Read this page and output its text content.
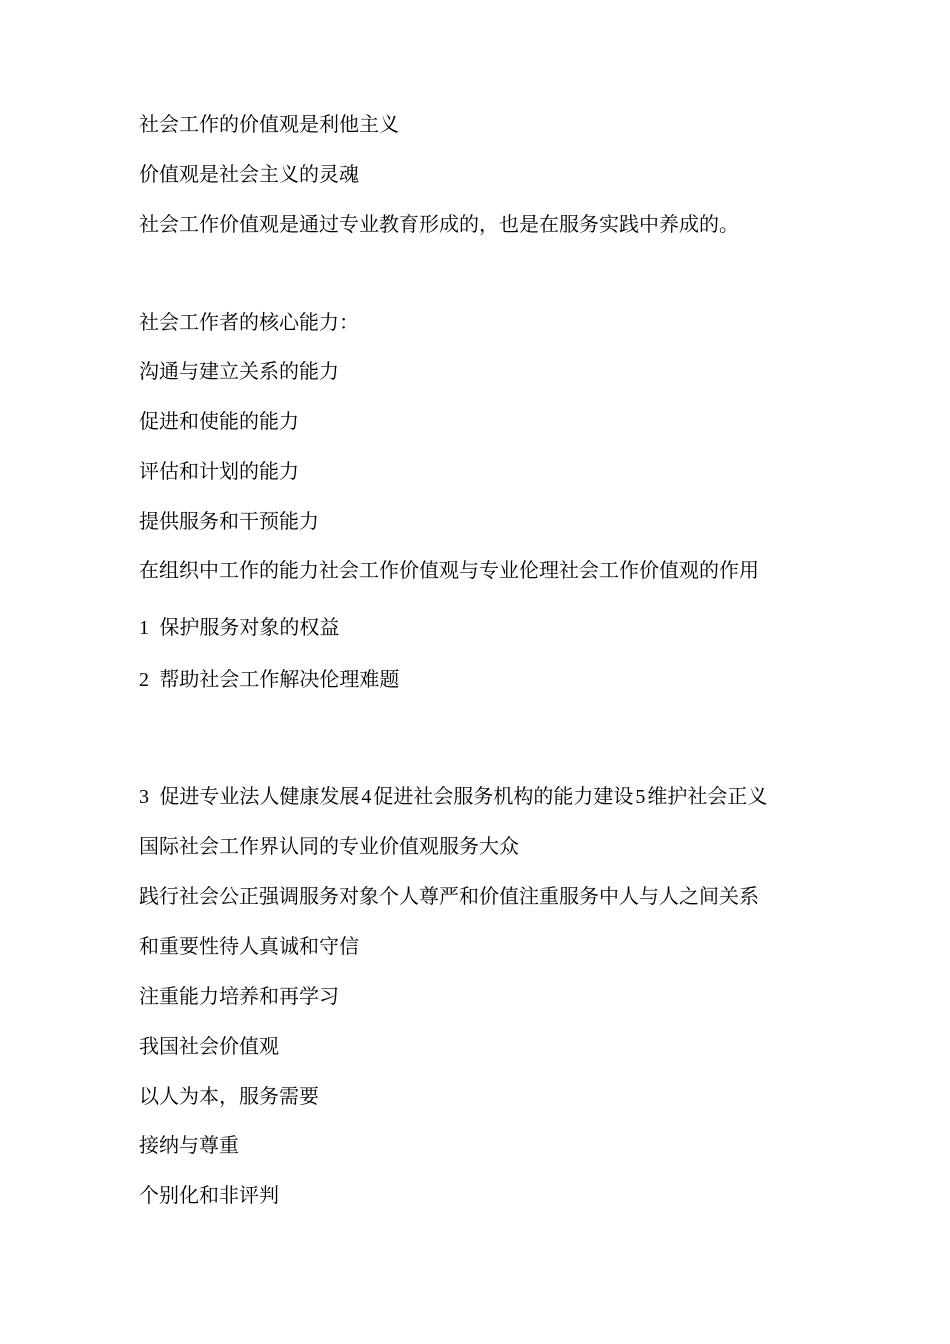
社会工作的价值观是利他主义
价值观是社会主义的灵魂
社会工作价值观是通过专业教育形成的，也是在服务实践中养成的。
社会工作者的核心能力：
沟通与建立关系的能力
促进和使能的能力
评估和计划的能力
提供服务和干预能力
在组织中工作的能力社会工作价值观与专业伦理社会工作价值观的作用
1 保护服务对象的权益
2 帮助社会工作解决伦理难题
3 促进专业法人健康发展 4 促进社会服务机构的能力建设 5 维护社会正义
国际社会工作界认同的专业价值观服务大众
践行社会公正强调服务对象个人尊严和价值注重服务中人与人之间关系
和重要性待人真诚和守信
注重能力培养和再学习
我国社会价值观
以人为本，服务需要
接纳与尊重
个别化和非评判
